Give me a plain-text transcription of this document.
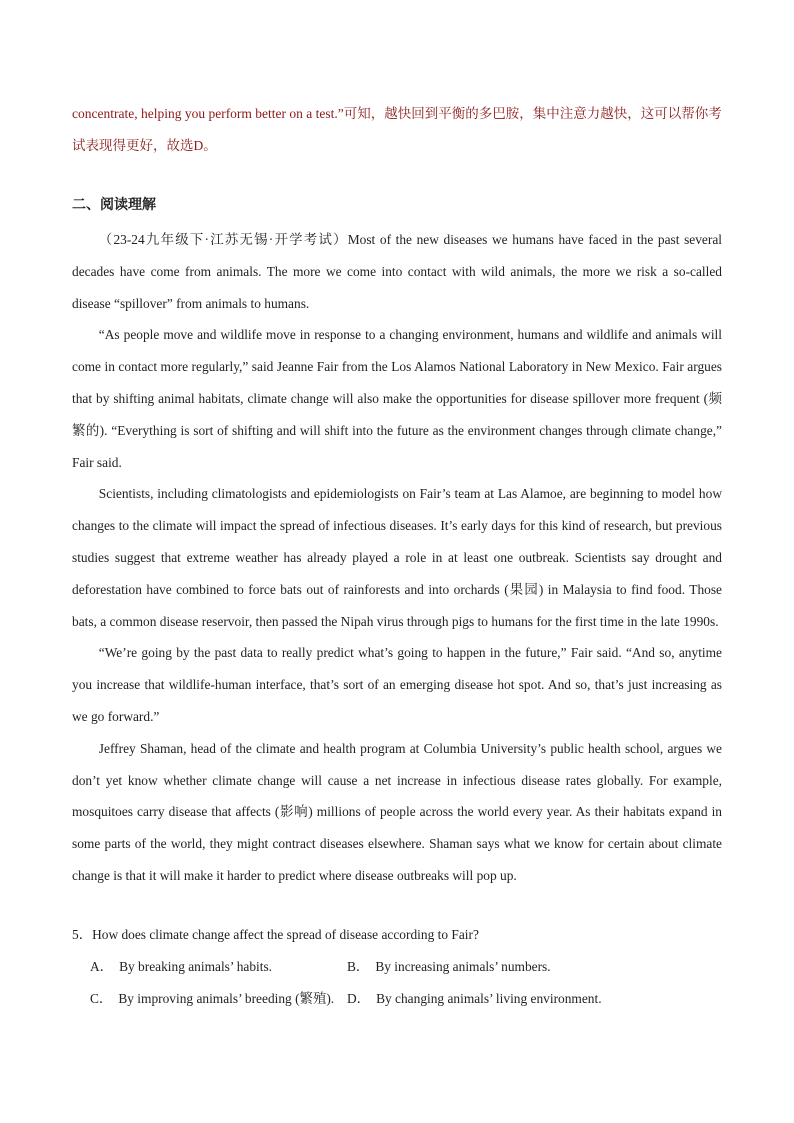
concentrate, helping you perform better on a test.”可知，越快回到平衡的多巴胺，集中注意力越快，这可以帮你考试表现得更好，故选D。
二、阅读理解

（23-24九年级下·江苏无锡·开学考试）Most of the new diseases we humans have faced in the past several decades have come from animals. The more we come into contact with wild animals, the more we risk a so-called disease “spillover” from animals to humans.

“As people move and wildlife move in response to a changing environment, humans and wildlife and animals will come in contact more regularly,” said Jeanne Fair from the Los Alamos National Laboratory in New Mexico. Fair argues that by shifting animal habitats, climate change will also make the opportunities for disease spillover more frequent (频繁的). “Everything is sort of shifting and will shift into the future as the environment changes through climate change,” Fair said.

Scientists, including climatologists and epidemiologists on Fair’s team at Las Alamoe, are beginning to model how changes to the climate will impact the spread of infectious diseases. It’s early days for this kind of research, but previous studies suggest that extreme weather has already played a role in at least one outbreak. Scientists say drought and deforestation have combined to force bats out of rainforests and into orchards (果园) in Malaysia to find food. Those bats, a common disease reservoir, then passed the Nipah virus through pigs to humans for the first time in the late 1990s.

“We’re going by the past data to really predict what’s going to happen in the future,” Fair said. “And so, anytime you increase that wildlife-human interface, that’s sort of an emerging disease hot spot. And so, that’s just increasing as we go forward.”

Jeffrey Shaman, head of the climate and health program at Columbia University’s public health school, argues we don’t yet know whether climate change will cause a net increase in infectious disease rates globally. For example, mosquitoes carry disease that affects (影响) millions of people across the world every year. As their habitats expand in some parts of the world, they might contract diseases elsewhere. Shaman says what we know for certain about climate change is that it will make it harder to predict where disease outbreaks will pop up.

5．How does climate change affect the spread of disease according to Fair?
A． By breaking animals’ habits.	B． By increasing animals’ numbers.
C． By improving animals’ breeding (繁殖). D． By changing animals’ living environment.
